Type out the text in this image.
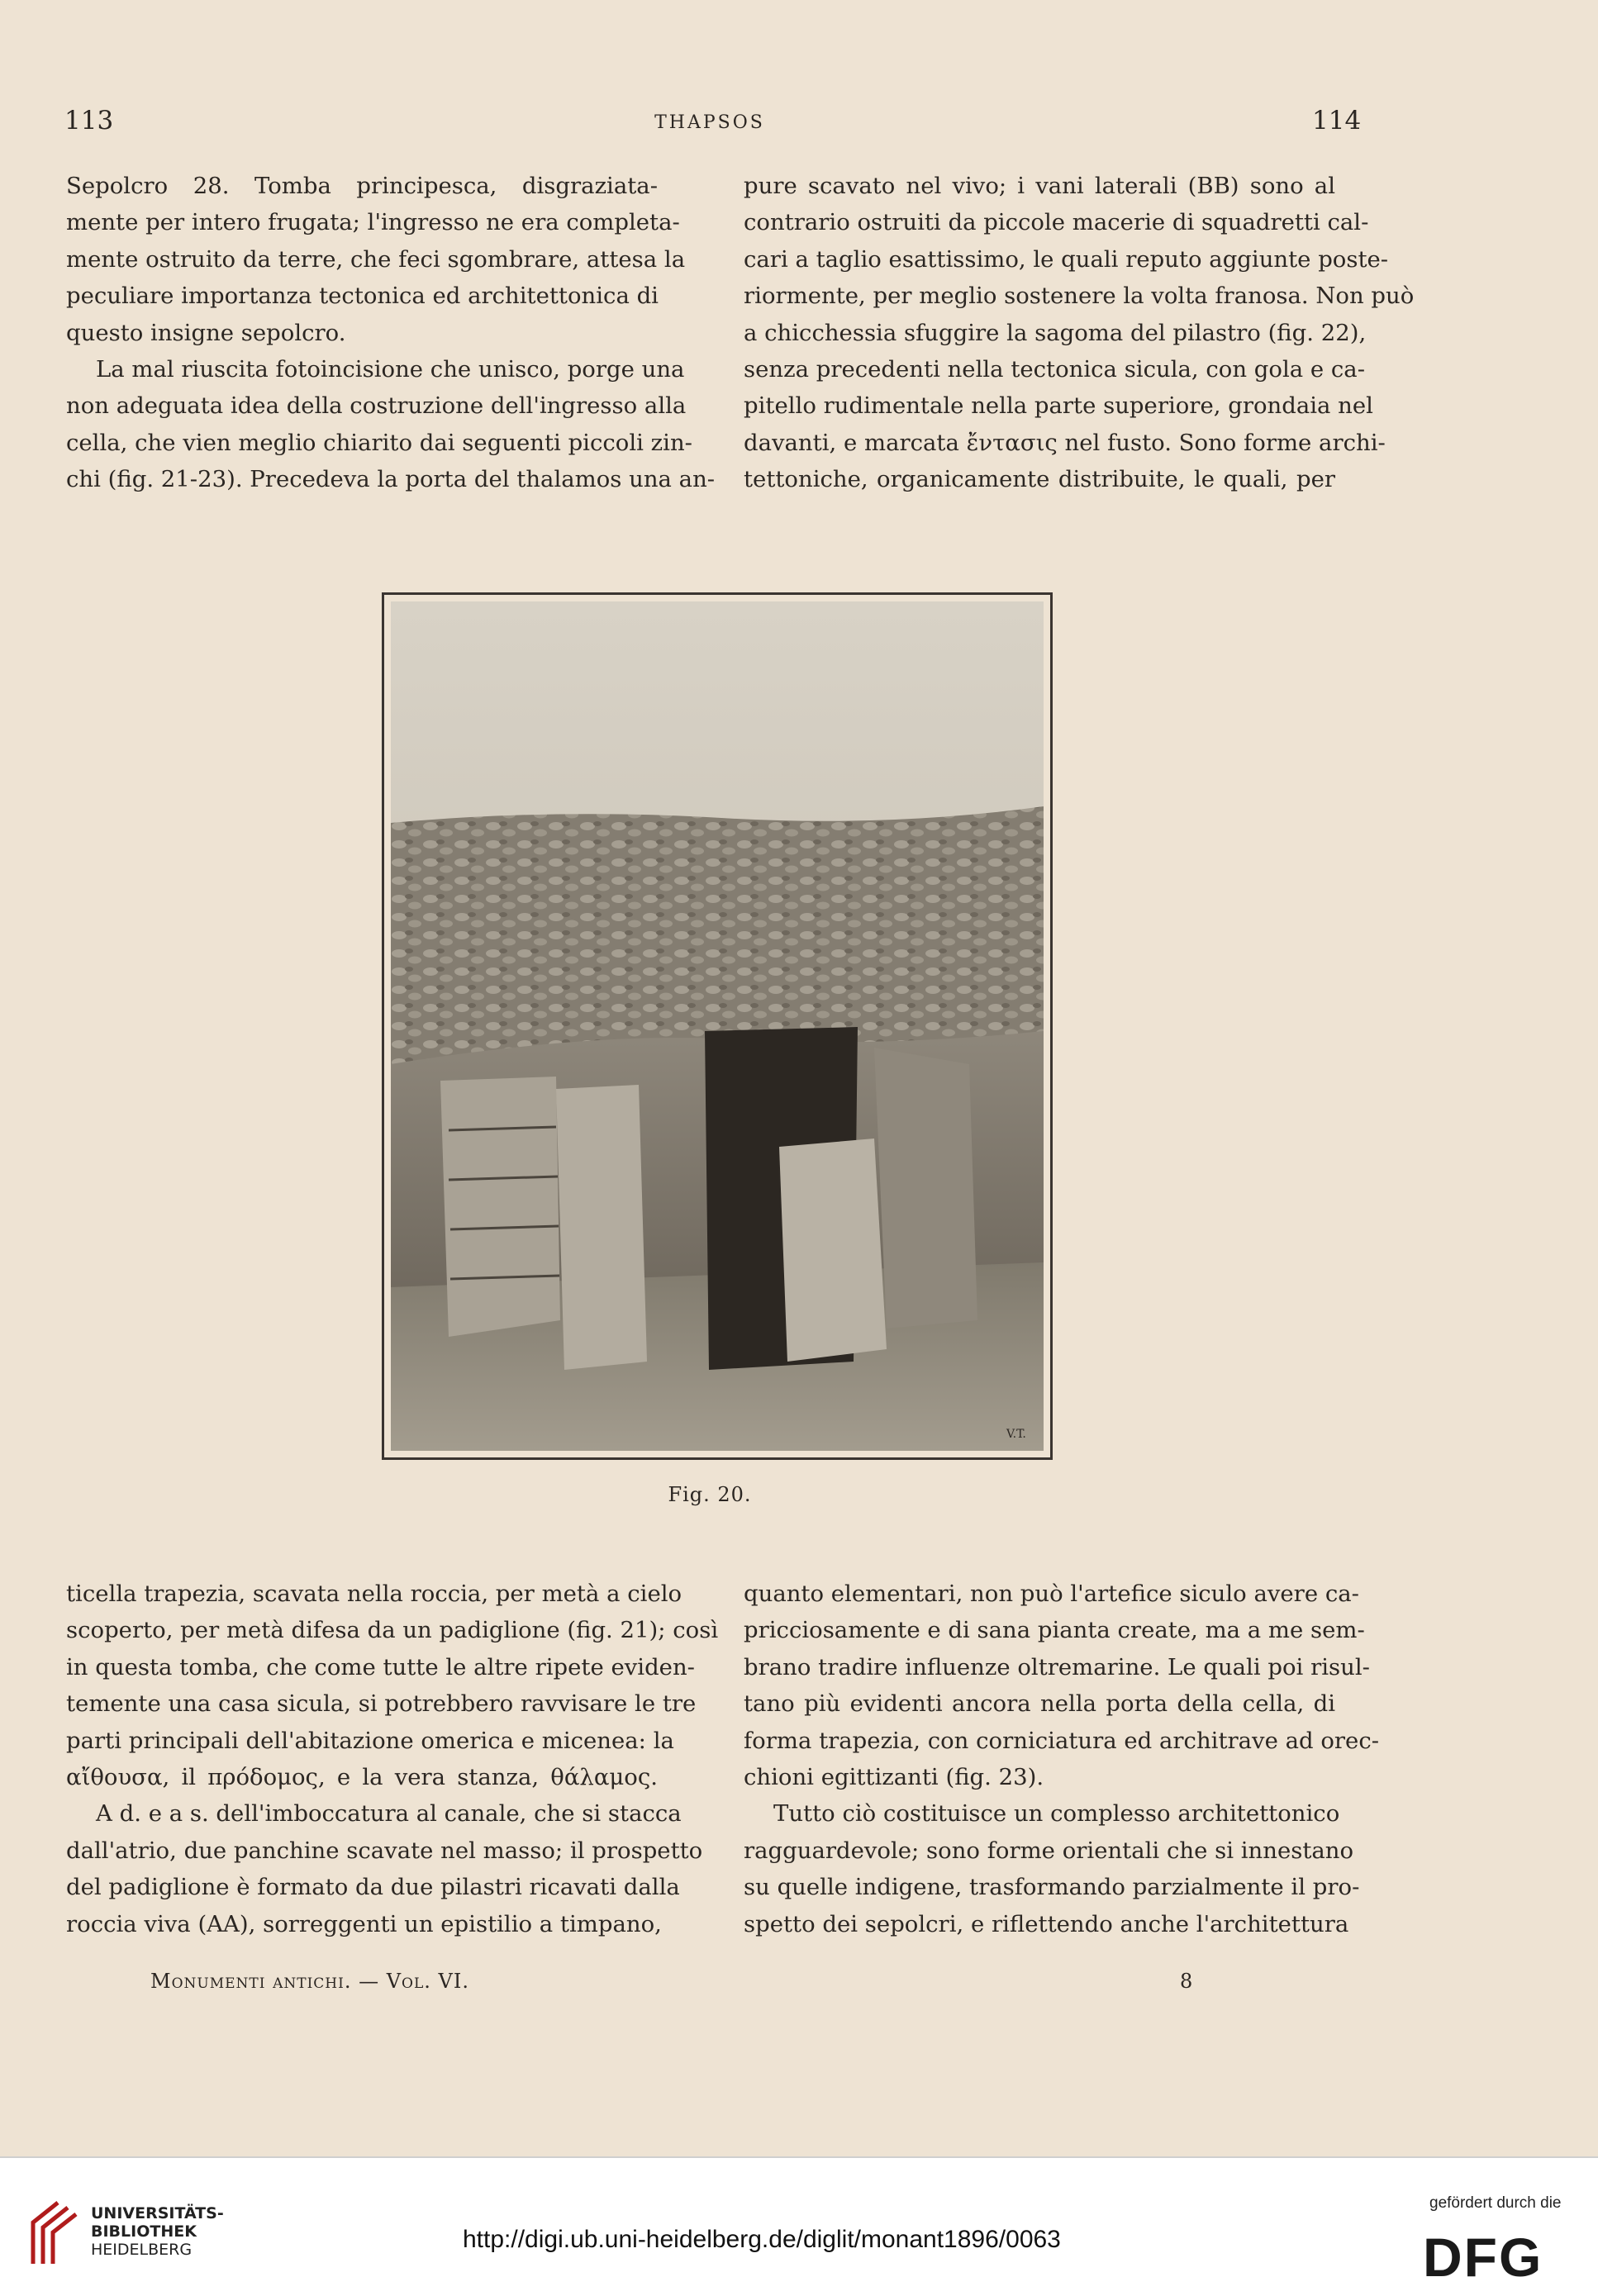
113	THAPSOS	114
Sepolcro 28. Tomba principesca, disgraziata-
mente per intero frugata; l'ingresso ne era completa-
mente ostruito da terre, che feci sgombrare, attesa la
peculiare importanza tectonica ed architettonica di
questo insigne sepolcro.
La mal riuscita fotoincisione che unisco, porge una
non adeguata idea della costruzione dell'ingresso alla
cella, che vien meglio chiarito dai seguenti piccoli zin-
chi (fig. 21-23). Precedeva la porta del thalamos una an-
pure scavato nel vivo; i vani laterali (BB) sono al
contrario ostruiti da piccole macerie di squadretti cal-
cari a taglio esattissimo, le quali reputo aggiunte poste-
riormente, per meglio sostenere la volta franosa. Non può
a chicchessia sfuggire la sagoma del pilastro (fig. 22),
senza precedenti nella tectonica sicula, con gola e ca-
pitello rudimentale nella parte superiore, grondaia nel
davanti, e marcata ἔντασις nel fusto. Sono forme archi-
tettoniche, organicamente distribuite, le quali, per
V.T.
Fig. 20.
ticella trapezia, scavata nella roccia, per metà a cielo
scoperto, per metà difesa da un padiglione (fig. 21); così
in questa tomba, che come tutte le altre ripete eviden-
temente una casa sicula, si potrebbero ravvisare le tre
parti principali dell'abitazione omerica e micenea: la
αἴθουσα, il πρόδομος, e la vera stanza, θάλαμος.
A d. e a s. dell'imboccatura al canale, che si stacca
dall'atrio, due panchine scavate nel masso; il prospetto
del padiglione è formato da due pilastri ricavati dalla
roccia viva (AA), sorreggenti un epistilio a timpano,
quanto elementari, non può l'artefice siculo avere ca-
pricciosamente e di sana pianta create, ma a me sem-
brano tradire influenze oltremarine. Le quali poi risul-
tano più evidenti ancora nella porta della cella, di
forma trapezia, con corniciatura ed architrave ad orec-
chioni egittizanti (fig. 23).
Tutto ciò costituisce un complesso architettonico
ragguardevole; sono forme orientali che si innestano
su quelle indigene, trasformando parzialmente il pro-
spetto dei sepolcri, e riflettendo anche l'architettura
Monumenti antichi. — Vol. VI.	8
UNIVERSITÄTS-
BIBLIOTHEK
HEIDELBERG	http://digi.ub.uni-heidelberg.de/diglit/monant1896/0063
gefördert durch die
DFG
